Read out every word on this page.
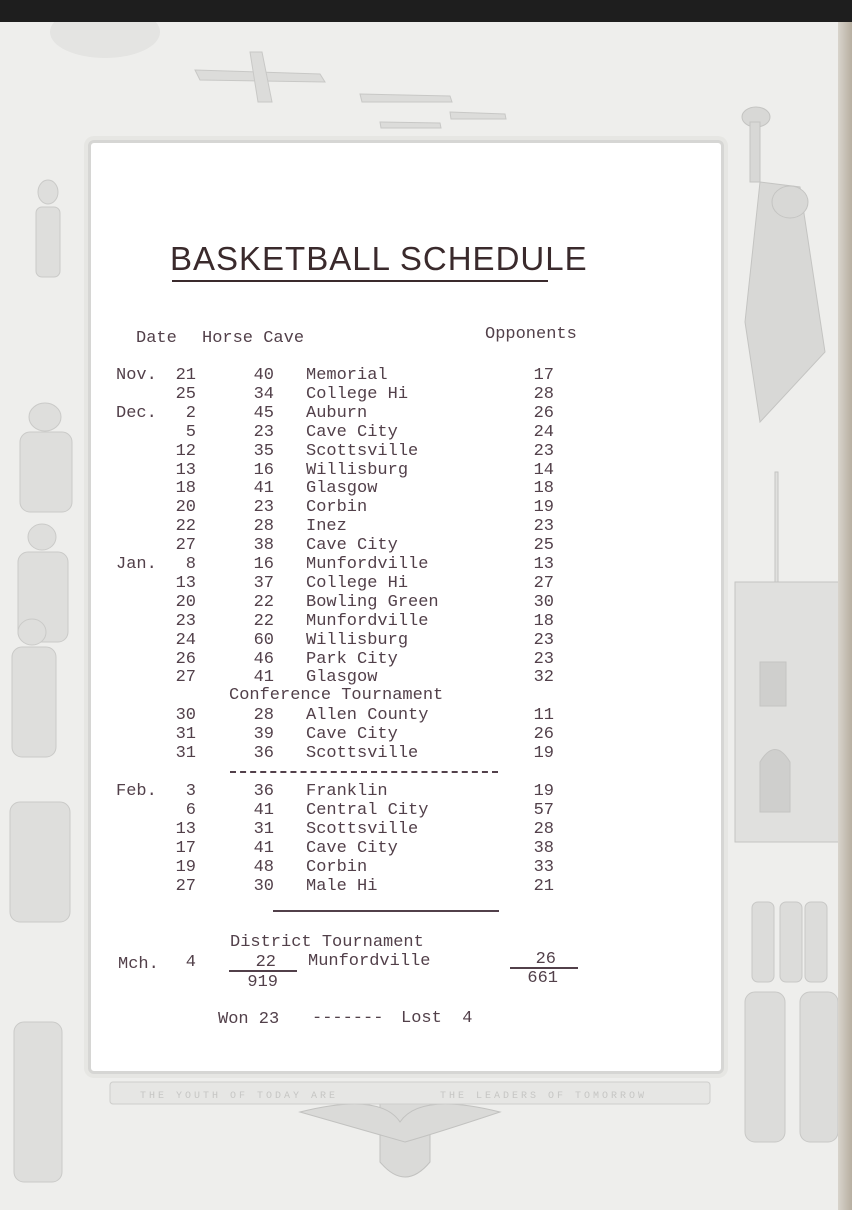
THE YOUTH OF TODAY ARE	THE LEADERS OF TOMORROW
BASKETBALL SCHEDULE
Date Horse Cave	Opponents
Nov.	21	40 Memorial	17
25	34 College Hi	28
Dec.	2	45 Auburn	26
5	23 Cave City	24
12	35 Scottsville	23
13	16 Willisburg	14
18	41 Glasgow	18
20	23 Corbin	19
22	28 Inez	23
27	38 Cave City	25
Jan.	8	16 Munfordville	13
13	37 College Hi	27
20	22 Bowling Green	30
23	22 Munfordville	18
24	60 Willisburg	23
26	46 Park City	23
27	41 Glasgow	32
30	28 Allen County	11
31	39 Cave City	26
31	36 Scottsville	19
Feb.	3	36 Franklin	19
6	41 Central City	57
13	31 Scottsville	28
17	41 Cave City	38
19	48 Corbin	33
27	30 Male Hi	21
Conference Tournament
District Tournament
Mch.	4	22 Munfordville	26
919	661
Won 23 ------- Lost  4
